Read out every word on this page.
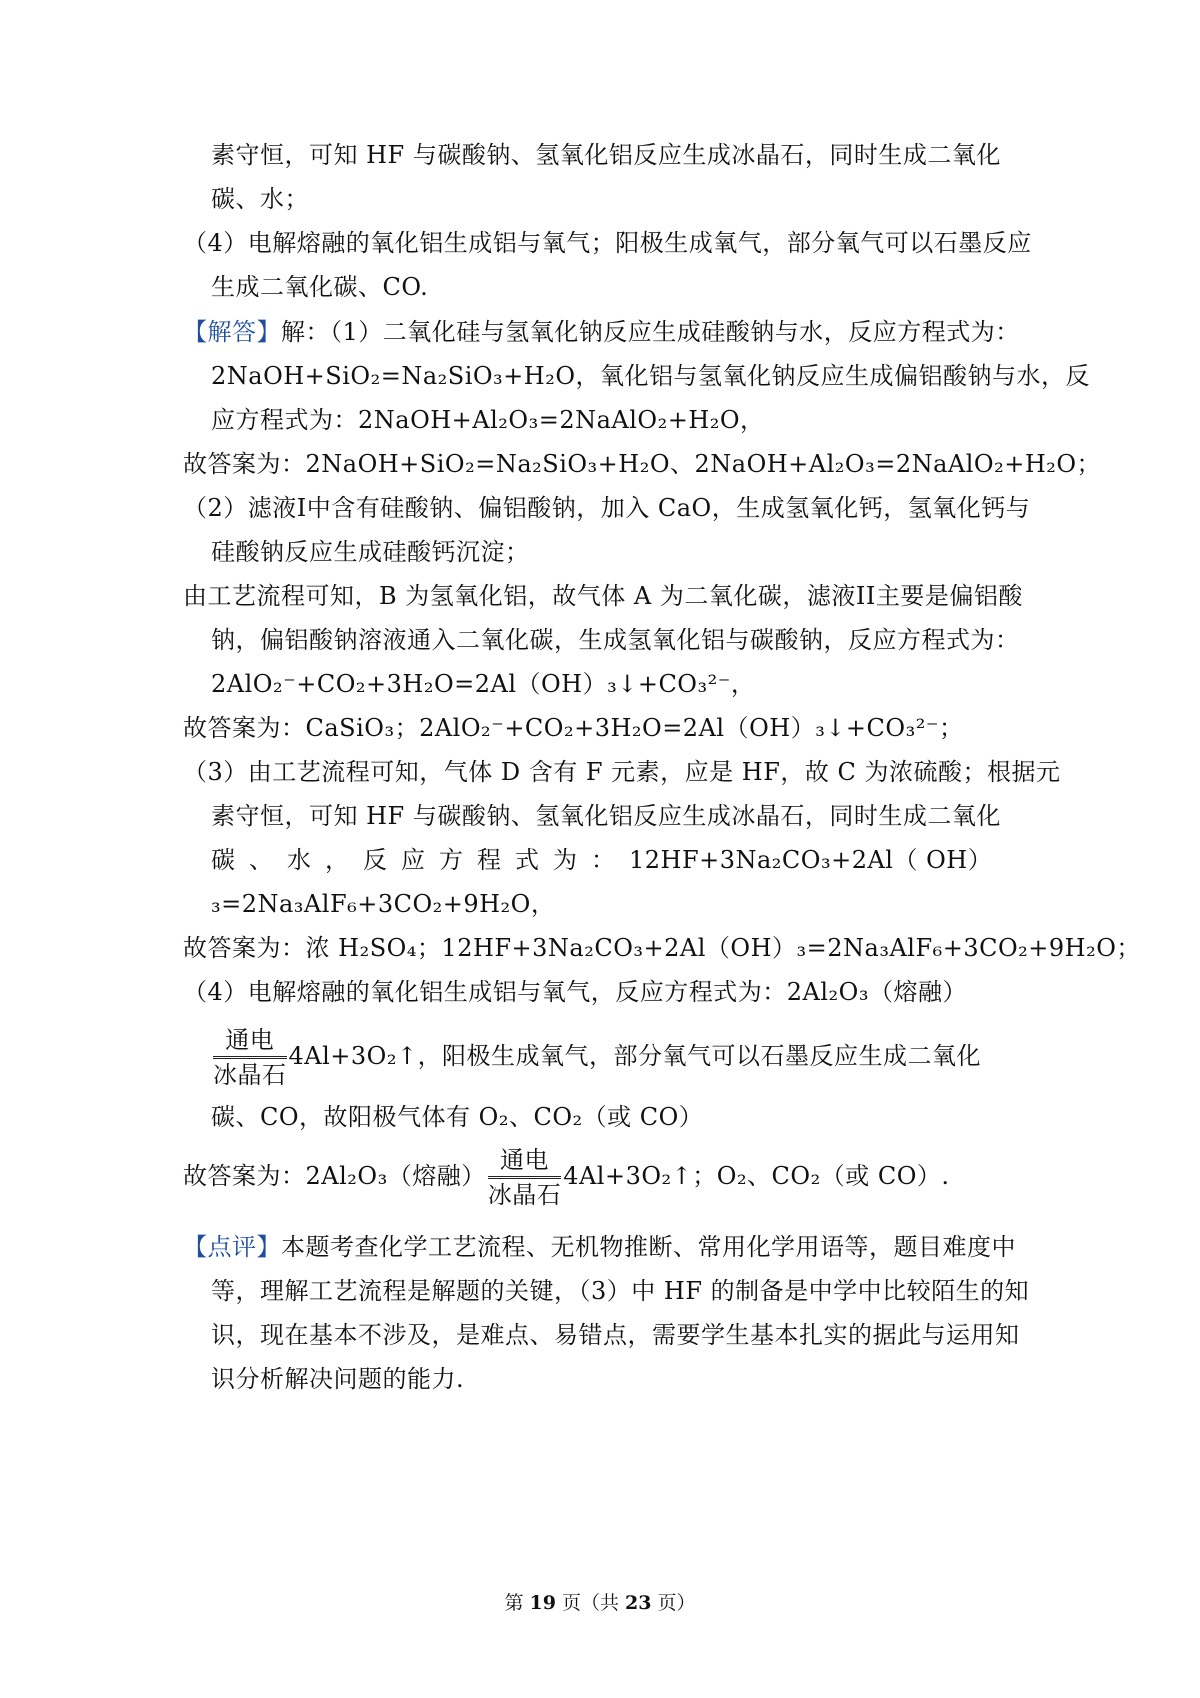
素守恒，可知 HF 与碳酸钠、氢氧化铝反应生成冰晶石，同时生成二氧化
碳、水；
（4）电解熔融的氧化铝生成铝与氧气；阳极生成氧气，部分氧气可以石墨反应
生成二氧化碳、CO.
【解答】解：（1）二氧化硅与氢氧化钠反应生成硅酸钠与水，反应方程式为：
2NaOH+SiO₂=Na₂SiO₃+H₂O，氧化铝与氢氧化钠反应生成偏铝酸钠与水，反
应方程式为：2NaOH+Al₂O₃=2NaAlO₂+H₂O，
故答案为：2NaOH+SiO₂=Na₂SiO₃+H₂O、2NaOH+Al₂O₃=2NaAlO₂+H₂O；
（2）滤液I中含有硅酸钠、偏铝酸钠，加入 CaO，生成氢氧化钙，氢氧化钙与
硅酸钠反应生成硅酸钙沉淀；
由工艺流程可知，B 为氢氧化铝，故气体 A 为二氧化碳，滤液II主要是偏铝酸
钠，偏铝酸钠溶液通入二氧化碳，生成氢氧化铝与碳酸钠，反应方程式为：
2AlO₂⁻+CO₂+3H₂O=2Al（OH）₃↓+CO₃²⁻，
故答案为：CaSiO₃；2AlO₂⁻+CO₂+3H₂O=2Al（OH）₃↓+CO₃²⁻；
（3）由工艺流程可知，气体 D 含有 F 元素，应是 HF，故 C 为浓硫酸；根据元
素守恒，可知 HF 与碳酸钠、氢氧化铝反应生成冰晶石，同时生成二氧化
碳、水，反应方程式为：12HF+3Na₂CO₃+2Al（ OH）
₃=2Na₃AlF₆+3CO₂+9H₂O，
故答案为：浓 H₂SO₄；12HF+3Na₂CO₃+2Al（OH）₃=2Na₃AlF₆+3CO₂+9H₂O；
（4）电解熔融的氧化铝生成铝与氧气，反应方程式为：2Al₂O₃（熔融）
$\frac{\text{通电}}{\text{冰晶石}}$ 4Al+3O₂↑，阳极生成氧气，部分氧气可以石墨反应生成二氧化
碳、CO，故阳极气体有 O₂、CO₂（或 CO）
故答案为：2Al₂O₃（熔融） $\frac{\text{通电}}{\text{冰晶石}}$ 4Al+3O₂↑；O₂、CO₂（或 CO）.
【点评】本题考查化学工艺流程、无机物推断、常用化学用语等，题目难度中
等，理解工艺流程是解题的关键，（3）中 HF 的制备是中学中比较陌生的知
识，现在基本不涉及，是难点、易错点，需要学生基本扎实的据此与运用知
识分析解决问题的能力.
第 19 页（共 23 页）
